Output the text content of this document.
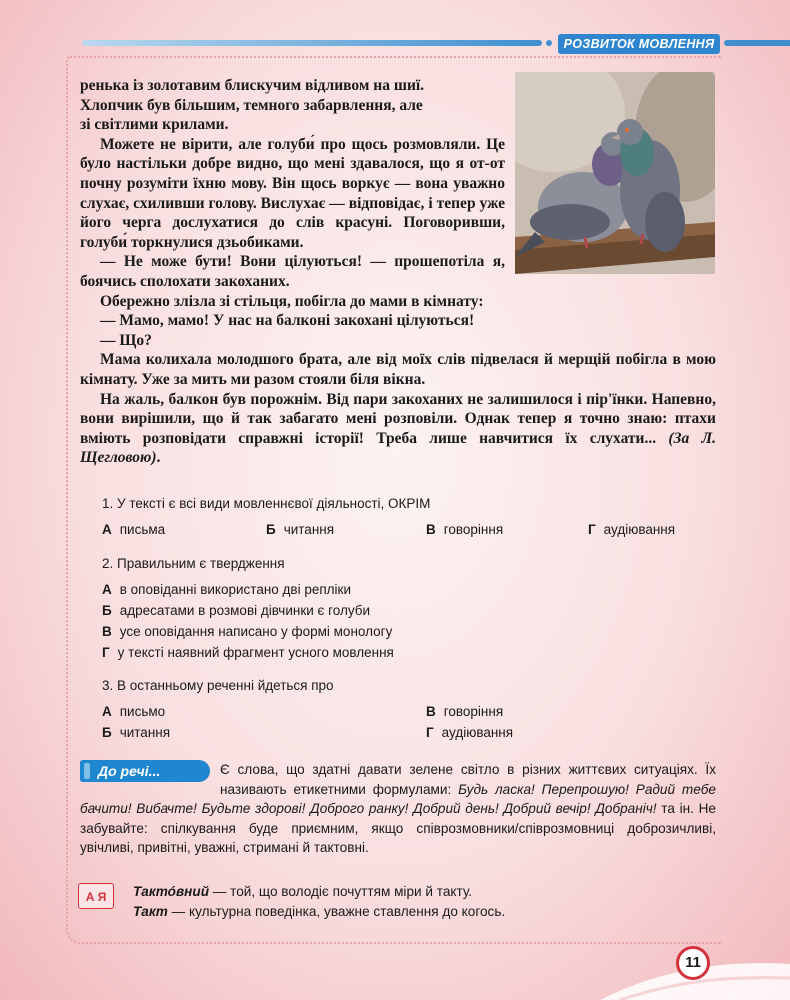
РОЗВИТОК МОВЛЕННЯ

ренька із золотавим блискучим відливом на шиї.

Хлопчик був більшим, темного забарвлення, але

зі світлими крилами.

Можете не вірити, але голуби́ про щось розмовляли. Це було настільки добре видно, що мені здавалося, що я от-от почну розуміти їхню мову. Він щось воркує — вона уважно слухає, схиливши голову. Вислухає — відповідає, і тепер уже його черга дослухатися до слів красуні. Поговоривши, голуби́ торкнулися дзьобиками.

— Не може бути! Вони цілуються! — прошепотіла я, боячись сполохати закоханих.

Обережно злізла зі стільця, побігла до мами в кімнату:

— Мамо, мамо! У нас на балконі закохані цілуються!

— Що?

Мама колихала молодшого брата, але від моїх слів підвелася й мерщій побігла в мою кімнату. Уже за мить ми разом стояли біля вікна.

На жаль, балкон був порожнім. Від пари закоханих не залишилося і пір'їнки. Напевно, вони вирішили, що й так забагато мені розповіли. Однак тепер я точно знаю: птахи вміють розповідати справжні історії! Треба лише навчитися їх слухати... (За Л. Щегловою).

1. У тексті є всі види мовленнєвої діяльності, ОКРІМ
А письма	Б читання	В говоріння	Г аудіювання
2. Правильним є твердження
А в оповіданні використано дві репліки
Б адресатами в розмові дівчинки є голуби
В усе оповідання написано у формі монологу
Г у тексті наявний фрагмент усного мовлення
3. В останньому реченні йдеться про
А письмо	В говоріння
Б читання	Г аудіювання
Є слова, що здатні давати зелене світло в різних життєвих ситуаціях. Їх називають етикетними формулами: Будь ласка! Перепрошую! Радий тебе бачити! Вибачте! Будьте здорові! Доброго ранку! Добрий день! Добрий вечір! Добраніч! та ін. Не забувайте: спілкування буде приємним, якщо співрозмовники/співрозмовниці доброзичливі, увічливі, привітні, уважні, стримані й тактовні.
До речі...
А Я	Такто́вний — той, що володіє почуттям міри й такту.
Такт — культурна поведінка, уважне ставлення до когось.
11
